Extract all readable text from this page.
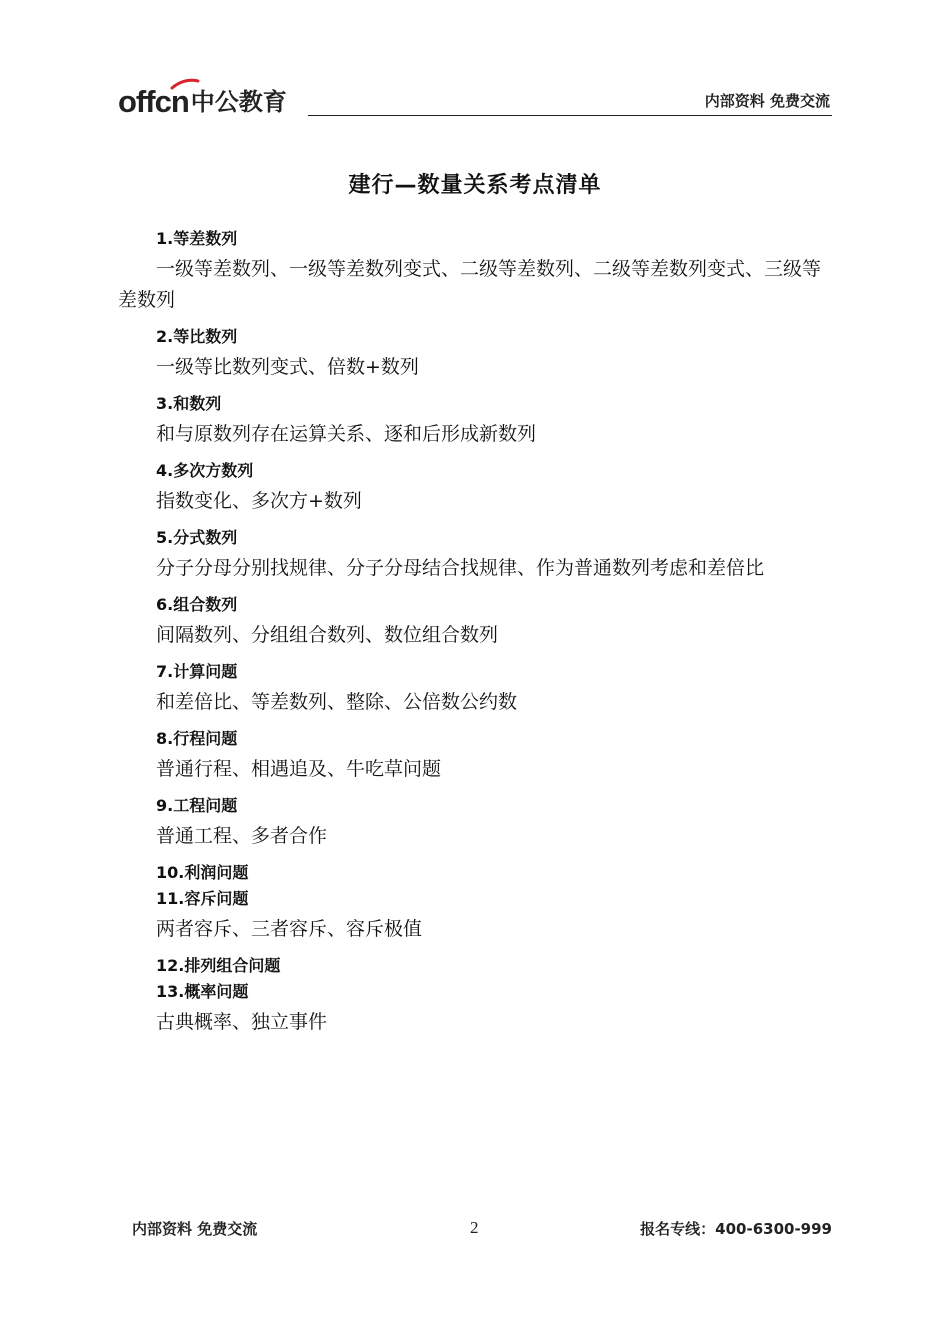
offcn 中公教育	内部资料 免费交流
建行—数量关系考点清单

1.等差数列

一级等差数列、一级等差数列变式、二级等差数列、二级等差数列变式、三级等差数列

2.等比数列

一级等比数列变式、倍数+数列

3.和数列

和与原数列存在运算关系、逐和后形成新数列

4.多次方数列

指数变化、多次方+数列

5.分式数列

分子分母分别找规律、分子分母结合找规律、作为普通数列考虑和差倍比

6.组合数列

间隔数列、分组组合数列、数位组合数列

7.计算问题

和差倍比、等差数列、整除、公倍数公约数

8.行程问题

普通行程、相遇追及、牛吃草问题

9.工程问题

普通工程、多者合作

10.利润问题

11.容斥问题

两者容斥、三者容斥、容斥极值

12.排列组合问题

13.概率问题

古典概率、独立事件

内部资料 免费交流	2	报名专线：400-6300-999
